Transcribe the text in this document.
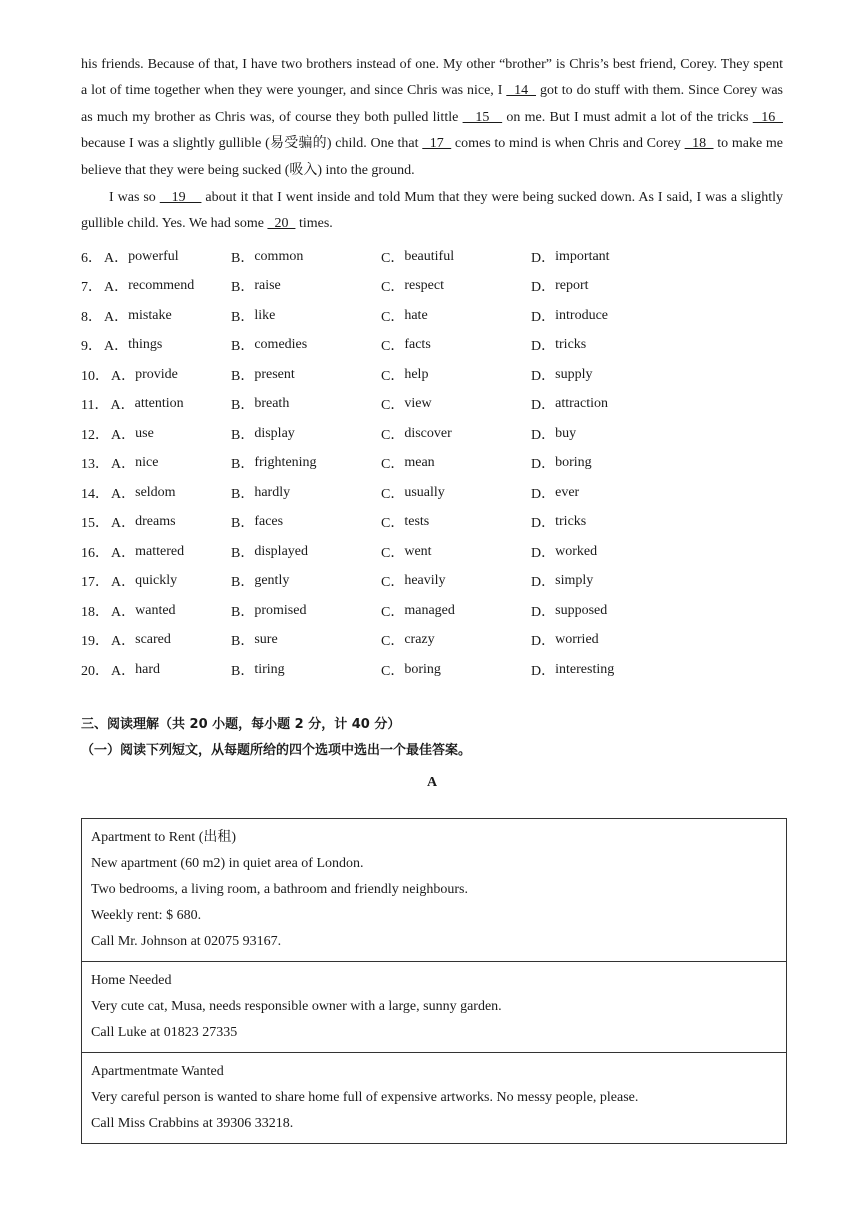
his friends. Because of that, I have two brothers instead of one. My other “brother” is Chris’s best friend, Corey. They spent a lot of time together when they were younger, and since Chris was nice, I   14   got to do stuff with them. Since Corey was as much my brother as Chris was, of course they both pulled little    15    on me. But I must admit a lot of the tricks   16   because I was a slightly gullible (易受骗的) child. One that   17   comes to mind is when Chris and Corey   18   to make me believe that they were being sucked (吸入) into the ground.

I was so    19     about it that I went inside and told Mum that they were being sucked down. As I said, I was a slightly gullible child. Yes. We had some   20   times.

6． A． powerful	B． common	C． beautiful	D． important
7． A． recommend	B． raise	C． respect	D． report
8． A． mistake	B． like	C． hate	D． introduce
9． A． things	B． comedies	C． facts	D． tricks
10． A． provide	B． present	C． help	D． supply
11． A． attention	B． breath	C． view	D． attraction
12． A． use	B． display	C． discover	D． buy
13． A． nice	B． frightening	C． mean	D． boring
14． A． seldom	B． hardly	C． usually	D． ever
15． A． dreams	B． faces	C． tests	D． tricks
16． A． mattered	B． displayed	C． went	D． worked
17． A． quickly	B． gently	C． heavily	D． simply
18． A． wanted	B． promised	C． managed	D． supposed
19． A． scared	B． sure	C． crazy	D． worried
20． A． hard	B． tiring	C． boring	D． interesting
三、阅读理解（共 20 小题，每小题 2 分，计 40 分）
（一）阅读下列短文，从每题所给的四个选项中选出一个最佳答案。
A

Apartment to Rent (出租)

New apartment (60 m2) in quiet area of London.

Two bedrooms, a living room, a bathroom and friendly neighbours.

Weekly rent: $ 680.

Call Mr. Johnson at 02075 93167.

Home Needed

Very cute cat, Musa, needs responsible owner with a large, sunny garden.

Call Luke at 01823 27335

Apartmentmate Wanted

Very careful person is wanted to share home full of expensive artworks. No messy people, please.

Call Miss Crabbins at 39306 33218.
